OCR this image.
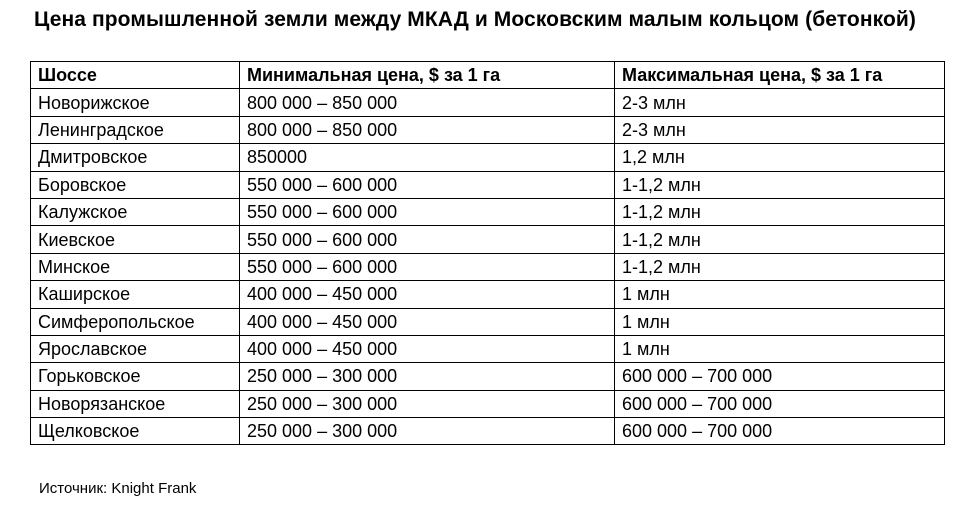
Цена промышленной земли между МКАД и Московским малым кольцом (бетонкой)
Шоссе	Минимальная цена, $ за 1 га	Максимальная цена, $ за 1 га
Новорижское	800 000 – 850 000	2-3 млн
Ленинградское	800 000 – 850 000	2-3 млн
Дмитровское	850000	1,2 млн
Боровское	550 000 – 600 000	1-1,2 млн
Калужское	550 000 – 600 000	1-1,2 млн
Киевское	550 000 – 600 000	1-1,2 млн
Минское	550 000 – 600 000	1-1,2 млн
Каширское	400 000 – 450 000	1 млн
Симферопольское	400 000 – 450 000	1 млн
Ярославское	400 000 – 450 000	1 млн
Горьковское	250 000 – 300 000	600 000 – 700 000
Новорязанское	250 000 – 300 000	600 000 – 700 000
Щелковское	250 000 – 300 000	600 000 – 700 000
Источник: Knight Frank
